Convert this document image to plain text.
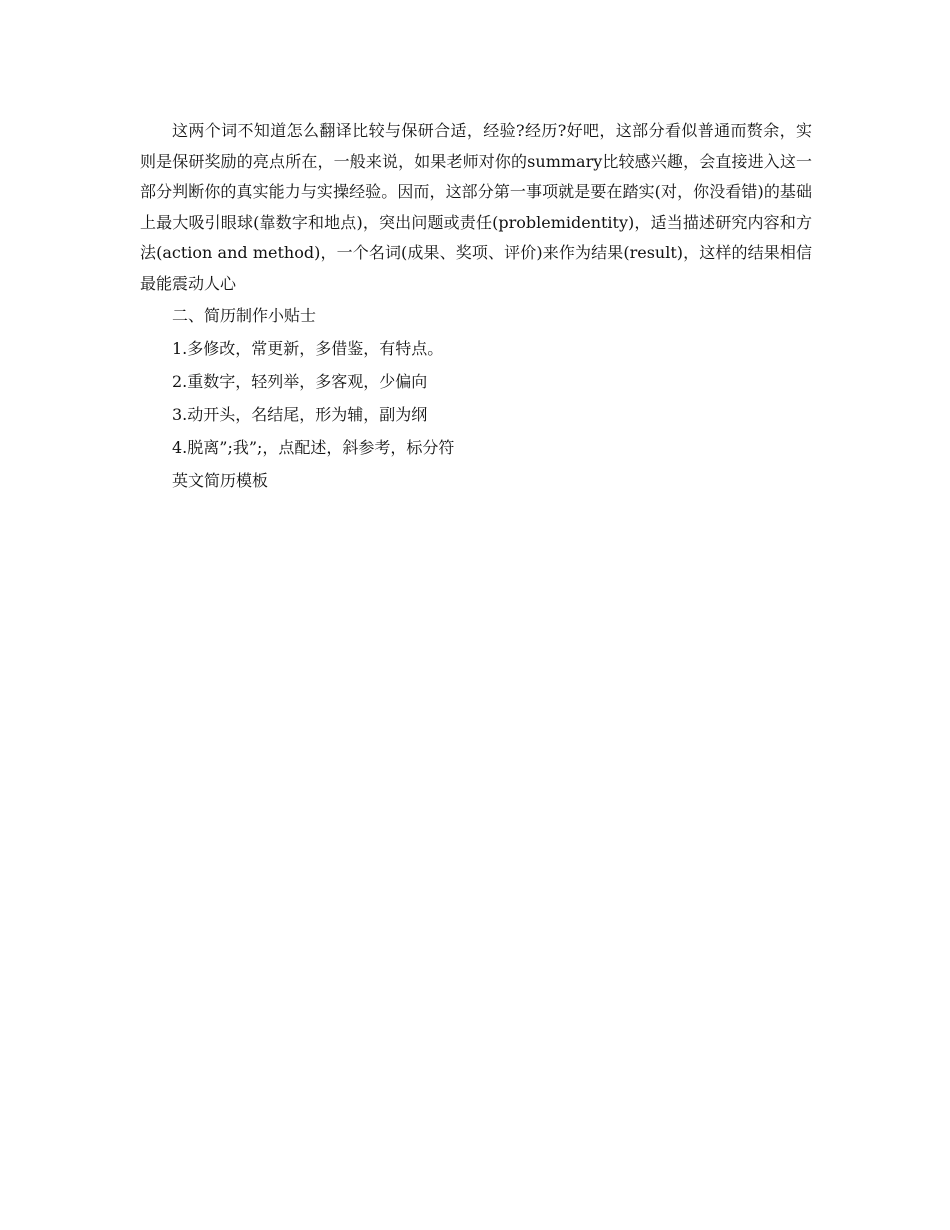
这两个词不知道怎么翻译比较与保研合适，经验?经历?好吧，这部分看似普通而赘余，实则是保研奖励的亮点所在，一般来说，如果老师对你的summary比较感兴趣，会直接进入这一部分判断你的真实能力与实操经验。因而，这部分第一事项就是要在踏实(对，你没看错)的基础上最大吸引眼球(靠数字和地点)，突出问题或责任(problemidentity)，适当描述研究内容和方法(action and method)，一个名词(成果、奖项、评价)来作为结果(result)，这样的结果相信最能震动人心

二、简历制作小贴士

1.多修改，常更新，多借鉴，有特点。

2.重数字，轻列举，多客观，少偏向

3.动开头，名结尾，形为辅，副为纲

4.脱离”;我”;，点配述，斜参考，标分符

英文简历模板
